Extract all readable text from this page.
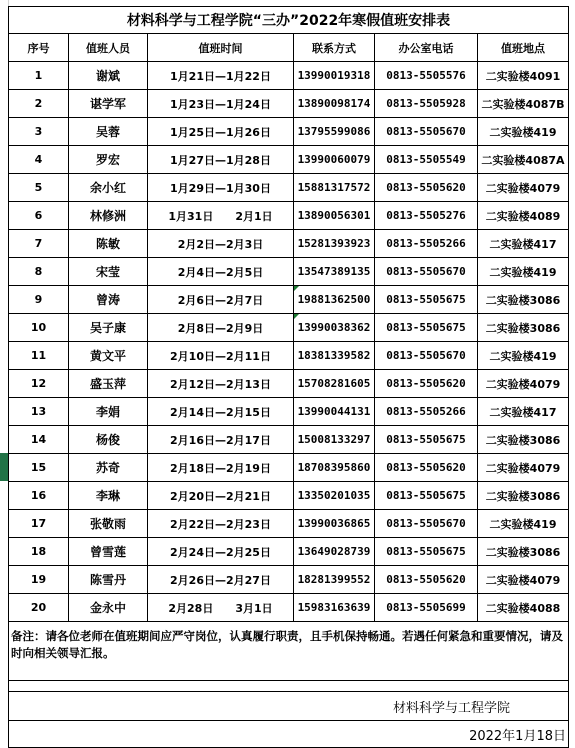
材料科学与工程学院“三办”2022年寒假值班安排表					
序号	值班人员	值班时间	联系方式	办公室电话	值班地点
1	谢斌	1月21日—1月22日	13990019318	0813-5505576	二实验楼4091
2	谌学军	1月23日—1月24日	13890098174	0813-5505928	二实验楼4087B
3	吴蓉	1月25日—1月26日	13795599086	0813-5505670	二实验楼419
4	罗宏	1月27日—1月28日	13990060079	0813-5505549	二实验楼4087A
5	余小红	1月29日—1月30日	15881317572	0813-5505620	二实验楼4079
6	林修洲	1月31日　　2月1日	13890056301	0813-5505276	二实验楼4089
7	陈敏	2月2日—2月3日	15281393923	0813-5505266	二实验楼417
8	宋莹	2月4日—2月5日	13547389135	0813-5505670	二实验楼419
9	曾涛	2月6日—2月7日	19881362500	0813-5505675	二实验楼3086
10	吴子康	2月8日—2月9日	13990038362	0813-5505675	二实验楼3086
11	黄文平	2月10日—2月11日	18381339582	0813-5505670	二实验楼419
12	盛玉萍	2月12日—2月13日	15708281605	0813-5505620	二实验楼4079
13	李娟	2月14日—2月15日	13990044131	0813-5505266	二实验楼417
14	杨俊	2月16日—2月17日	15008133297	0813-5505675	二实验楼3086
15	苏奇	2月18日—2月19日	18708395860	0813-5505620	二实验楼4079
16	李琳	2月20日—2月21日	13350201035	0813-5505675	二实验楼3086
17	张敬雨	2月22日—2月23日	13990036865	0813-5505670	二实验楼419
18	曾雪莲	2月24日—2月25日	13649028739	0813-5505675	二实验楼3086
19	陈雪丹	2月26日—2月27日	18281399552	0813-5505620	二实验楼4079
20	金永中	2月28日　　3月1日	15983163639	0813-5505699	二实验楼4088
备注：请各位老师在值班期间应严守岗位，认真履行职责，且手机保持畅通。若遇任何紧急和重要情况，请及时向相关领导汇报。					

材料科学与工程学院					
2022年1月18日					
